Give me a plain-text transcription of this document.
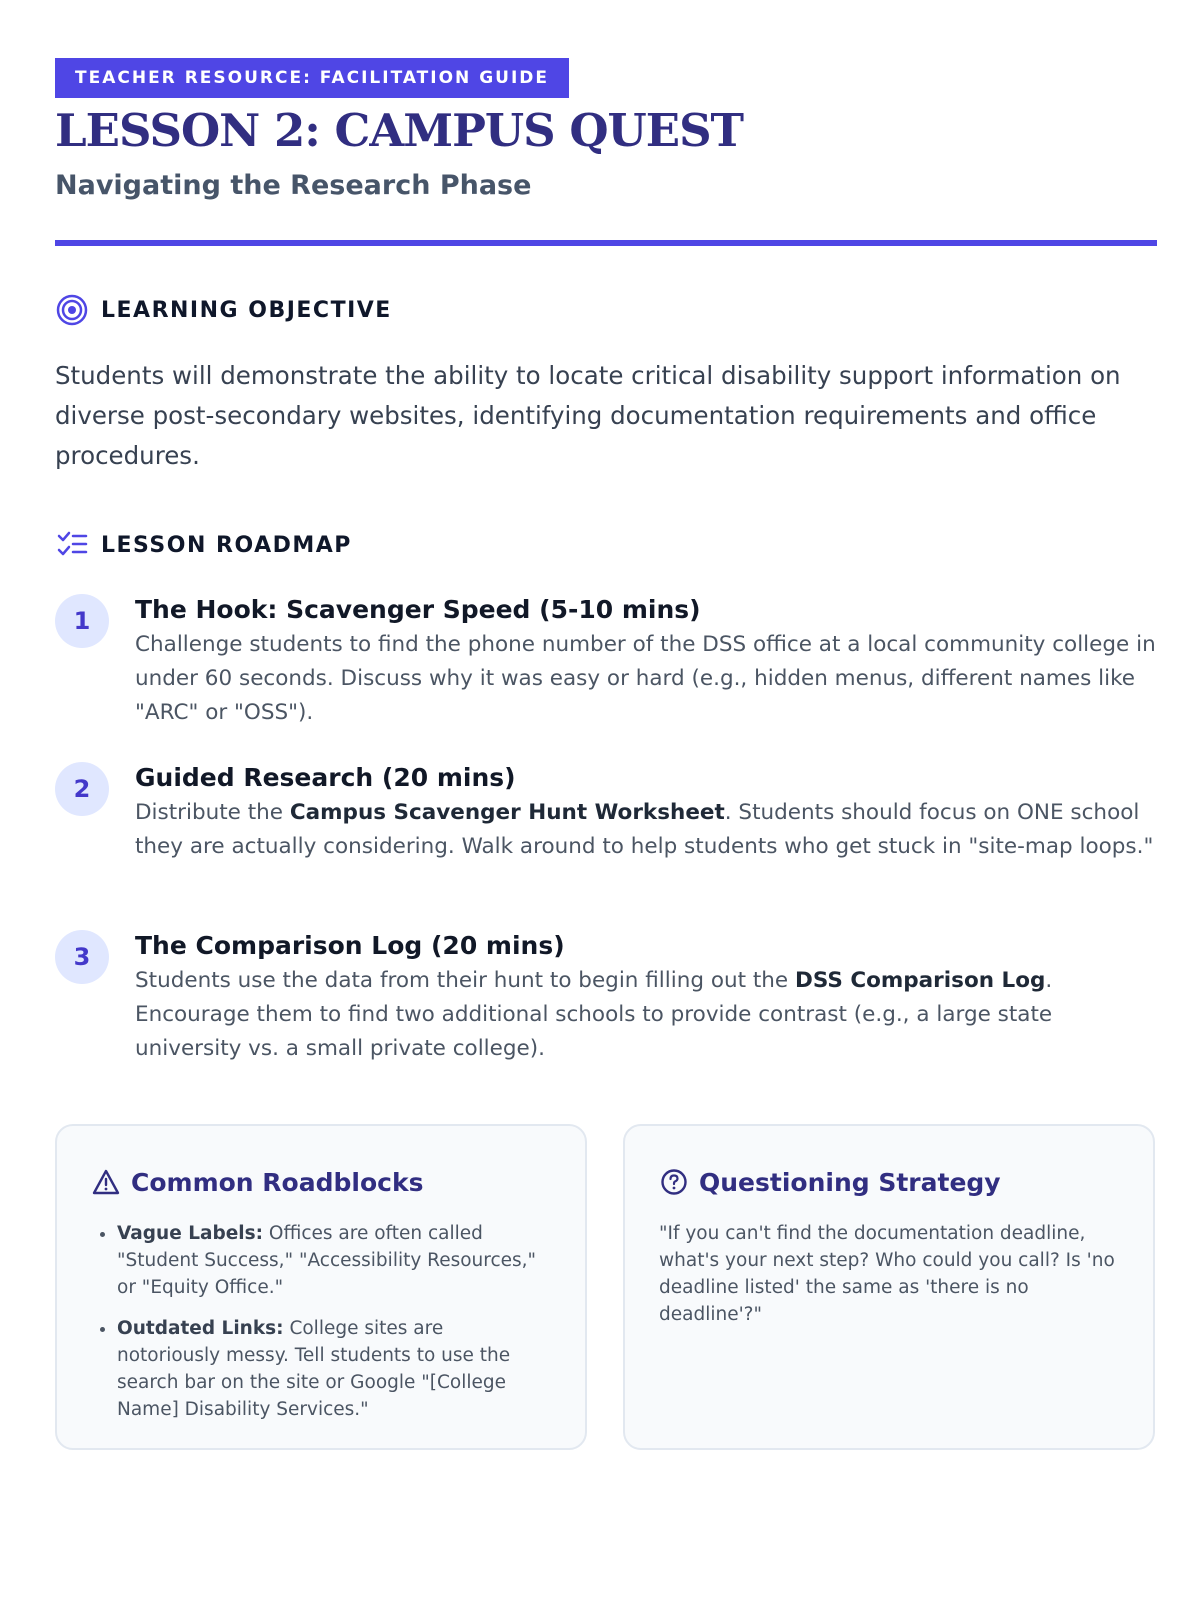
TEACHER RESOURCE: FACILITATION GUIDE
LESSON 2: CAMPUS QUEST
Navigating the Research Phase
LEARNING OBJECTIVE

Students will demonstrate the ability to locate critical disability support information on diverse post-secondary websites, identifying documentation requirements and office procedures.

LESSON ROADMAP
1	The Hook: Scavenger Speed (5-10 mins)

Challenge students to find the phone number of the DSS office at a local community college in under 60 seconds. Discuss why it was easy or hard (e.g., hidden menus, different names like "ARC" or "OSS").

2	Guided Research (20 mins)

Distribute the Campus Scavenger Hunt Worksheet. Students should focus on ONE school they are actually considering. Walk around to help students who get stuck in "site-map loops."

3	The Comparison Log (20 mins)

Students use the data from their hunt to begin filling out the DSS Comparison Log. Encourage them to find two additional schools to provide contrast (e.g., a large state university vs. a small private college).

Common Roadblocks
• Vague Labels: Offices are often called "Student Success," "Accessibility Resources," or "Equity Office."
• Outdated Links: College sites are notoriously messy. Tell students to use the search bar on the site or Google "[College Name] Disability Services."
Questioning Strategy

"If you can't find the documentation deadline, what's your next step? Who could you call? Is 'no deadline listed' the same as 'there is no deadline'?"
